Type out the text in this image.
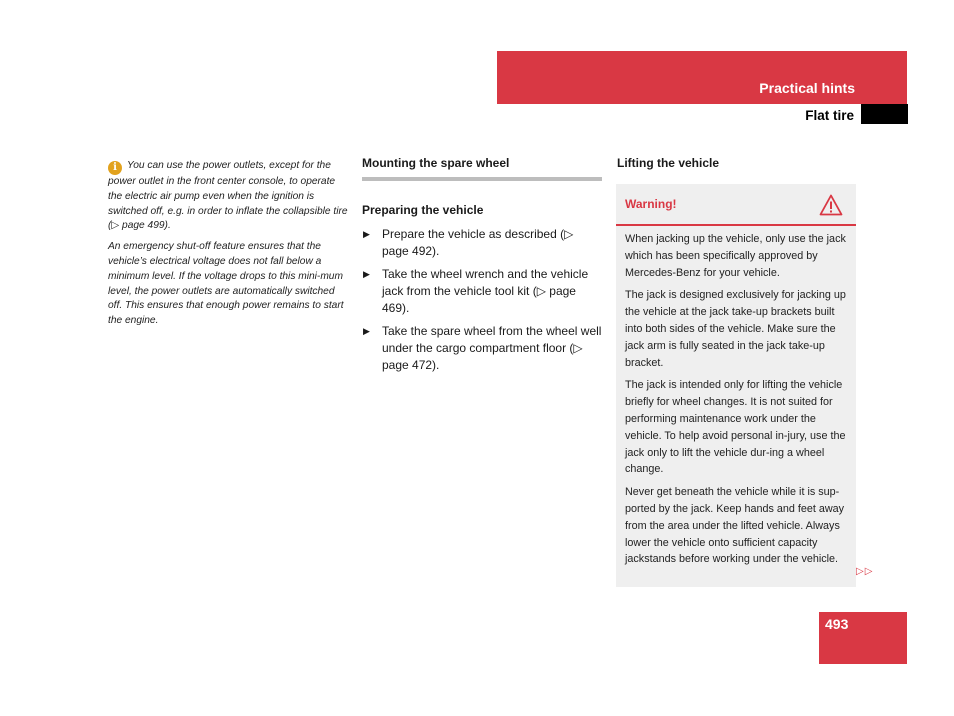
Practical hints
Flat tire

i You can use the power outlets, except for the power outlet in the front center console, to operate the electric air pump even when the ignition is switched off, e.g. in order to inflate the collapsible tire (▷ page 499).

An emergency shut-off feature ensures that the vehicle’s electrical voltage does not fall below a minimum level. If the voltage drops to this mini-mum level, the power outlets are automatically switched off. This ensures that enough power remains to start the engine.

Mounting the spare wheel
Preparing the vehicle
▶ Prepare the vehicle as described (▷ page 492).
▶ Take the wheel wrench and the vehicle jack from the vehicle tool kit (▷ page 469).
▶ Take the spare wheel from the wheel well under the cargo compartment floor (▷ page 472).
Lifting the vehicle
Warning!

When jacking up the vehicle, only use the jack which has been specifically approved by Mercedes-Benz for your vehicle.

The jack is designed exclusively for jacking up the vehicle at the jack take-up brackets built into both sides of the vehicle. Make sure the jack arm is fully seated in the jack take-up bracket.

The jack is intended only for lifting the vehicle briefly for wheel changes. It is not suited for performing maintenance work under the vehicle. To help avoid personal in-jury, use the jack only to lift the vehicle dur-ing a wheel change.

Never get beneath the vehicle while it is sup-ported by the jack. Keep hands and feet away from the area under the lifted vehicle. Always lower the vehicle onto sufficient capacity jackstands before working under the vehicle.

▷▷
493
